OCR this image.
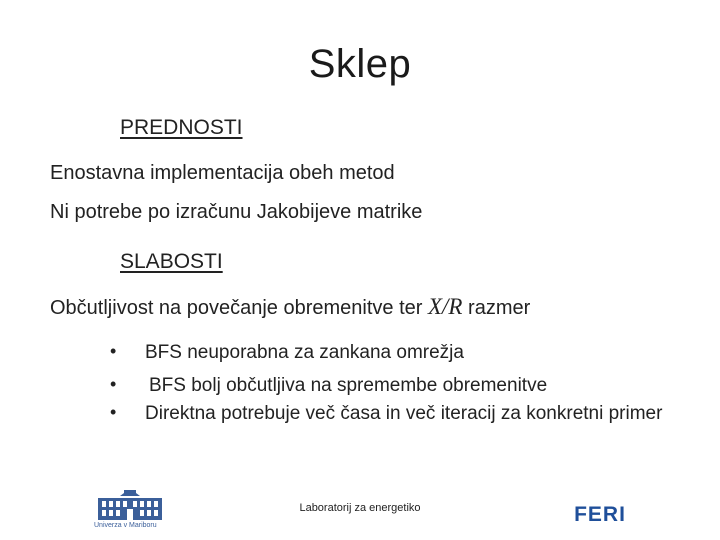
Sklep
PREDNOSTI
Enostavna implementacija obeh metod
Ni potrebe po izračunu Jakobijeve matrike
SLABOSTI
Občutljivost na povečanje obremenitve ter X/R razmer
• BFS neuporabna za zankana omrežja
• BFS bolj občutljiva na spremembe obremenitve
• Direktna potrebuje več časa in več iteracij za konkretni primer
Univerza v Mariboru
Laboratorij za energetiko	FERI
